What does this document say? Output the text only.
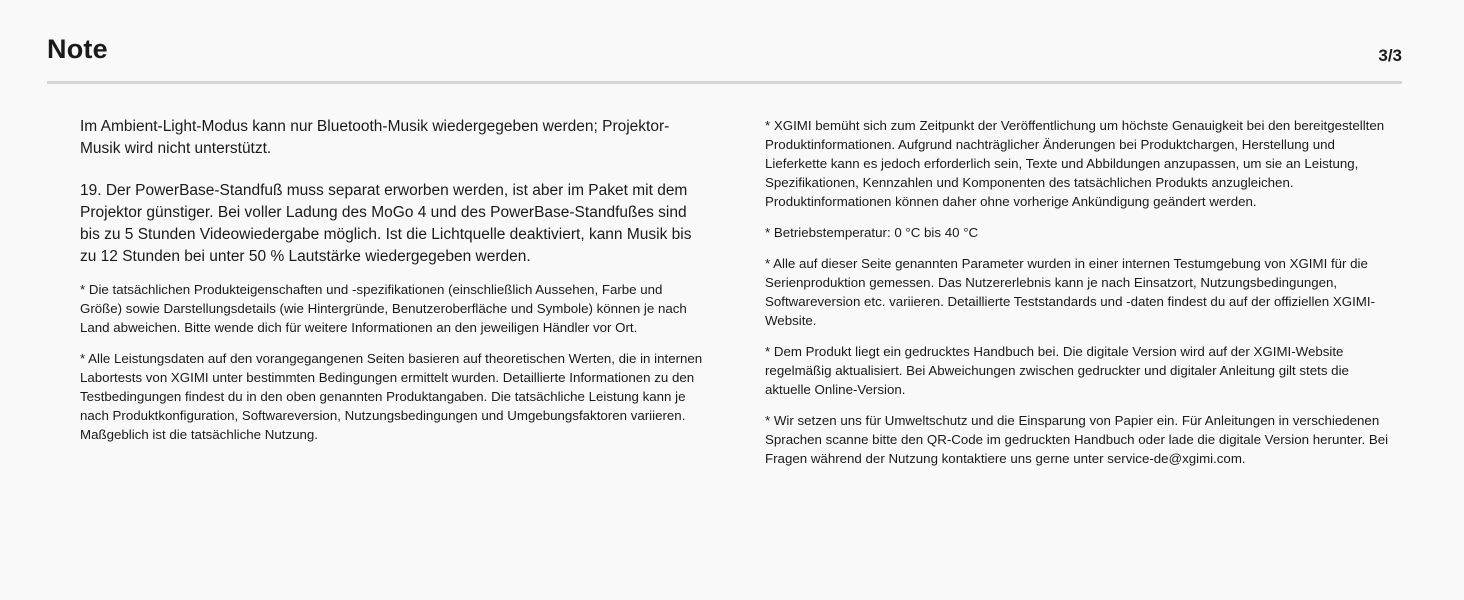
Note	3/3

Im Ambient-Light-Modus kann nur Bluetooth-Musik wiedergegeben werden; Projektor-Musik wird nicht unterstützt.

19. Der PowerBase-Standfuß muss separat erworben werden, ist aber im Paket mit dem Projektor günstiger. Bei voller Ladung des MoGo 4 und des PowerBase-Standfußes sind bis zu 5 Stunden Videowiedergabe möglich. Ist die Lichtquelle deaktiviert, kann Musik bis zu 12 Stunden bei unter 50 % Lautstärke wiedergegeben werden.

* Die tatsächlichen Produkteigenschaften und -spezifikationen (einschließlich Aussehen, Farbe und Größe) sowie Darstellungsdetails (wie Hintergründe, Benutzeroberfläche und Symbole) können je nach Land abweichen. Bitte wende dich für weitere Informationen an den jeweiligen Händler vor Ort.

* Alle Leistungsdaten auf den vorangegangenen Seiten basieren auf theoretischen Werten, die in internen Labortests von XGIMI unter bestimmten Bedingungen ermittelt wurden. Detaillierte Informationen zu den Testbedingungen findest du in den oben genannten Produktangaben. Die tatsächliche Leistung kann je nach Produktkonfiguration, Softwareversion, Nutzungsbedingungen und Umgebungsfaktoren variieren. Maßgeblich ist die tatsächliche Nutzung.

* XGIMI bemüht sich zum Zeitpunkt der Veröffentlichung um höchste Genauigkeit bei den bereitgestellten Produktinformationen. Aufgrund nachträglicher Änderungen bei Produktchargen, Herstellung und Lieferkette kann es jedoch erforderlich sein, Texte und Abbildungen anzupassen, um sie an Leistung, Spezifikationen, Kennzahlen und Komponenten des tatsächlichen Produkts anzugleichen. Produktinformationen können daher ohne vorherige Ankündigung geändert werden.

* Betriebstemperatur: 0 °C bis 40 °C

* Alle auf dieser Seite genannten Parameter wurden in einer internen Testumgebung von XGIMI für die Serienproduktion gemessen. Das Nutzererlebnis kann je nach Einsatzort, Nutzungsbedingungen, Softwareversion etc. variieren. Detaillierte Teststandards und -daten findest du auf der offiziellen XGIMI-Website.

* Dem Produkt liegt ein gedrucktes Handbuch bei. Die digitale Version wird auf der XGIMI-Website regelmäßig aktualisiert. Bei Abweichungen zwischen gedruckter und digitaler Anleitung gilt stets die aktuelle Online-Version.

* Wir setzen uns für Umweltschutz und die Einsparung von Papier ein. Für Anleitungen in verschiedenen Sprachen scanne bitte den QR-Code im gedruckten Handbuch oder lade die digitale Version herunter. Bei Fragen während der Nutzung kontaktiere uns gerne unter service-de@xgimi.com.
